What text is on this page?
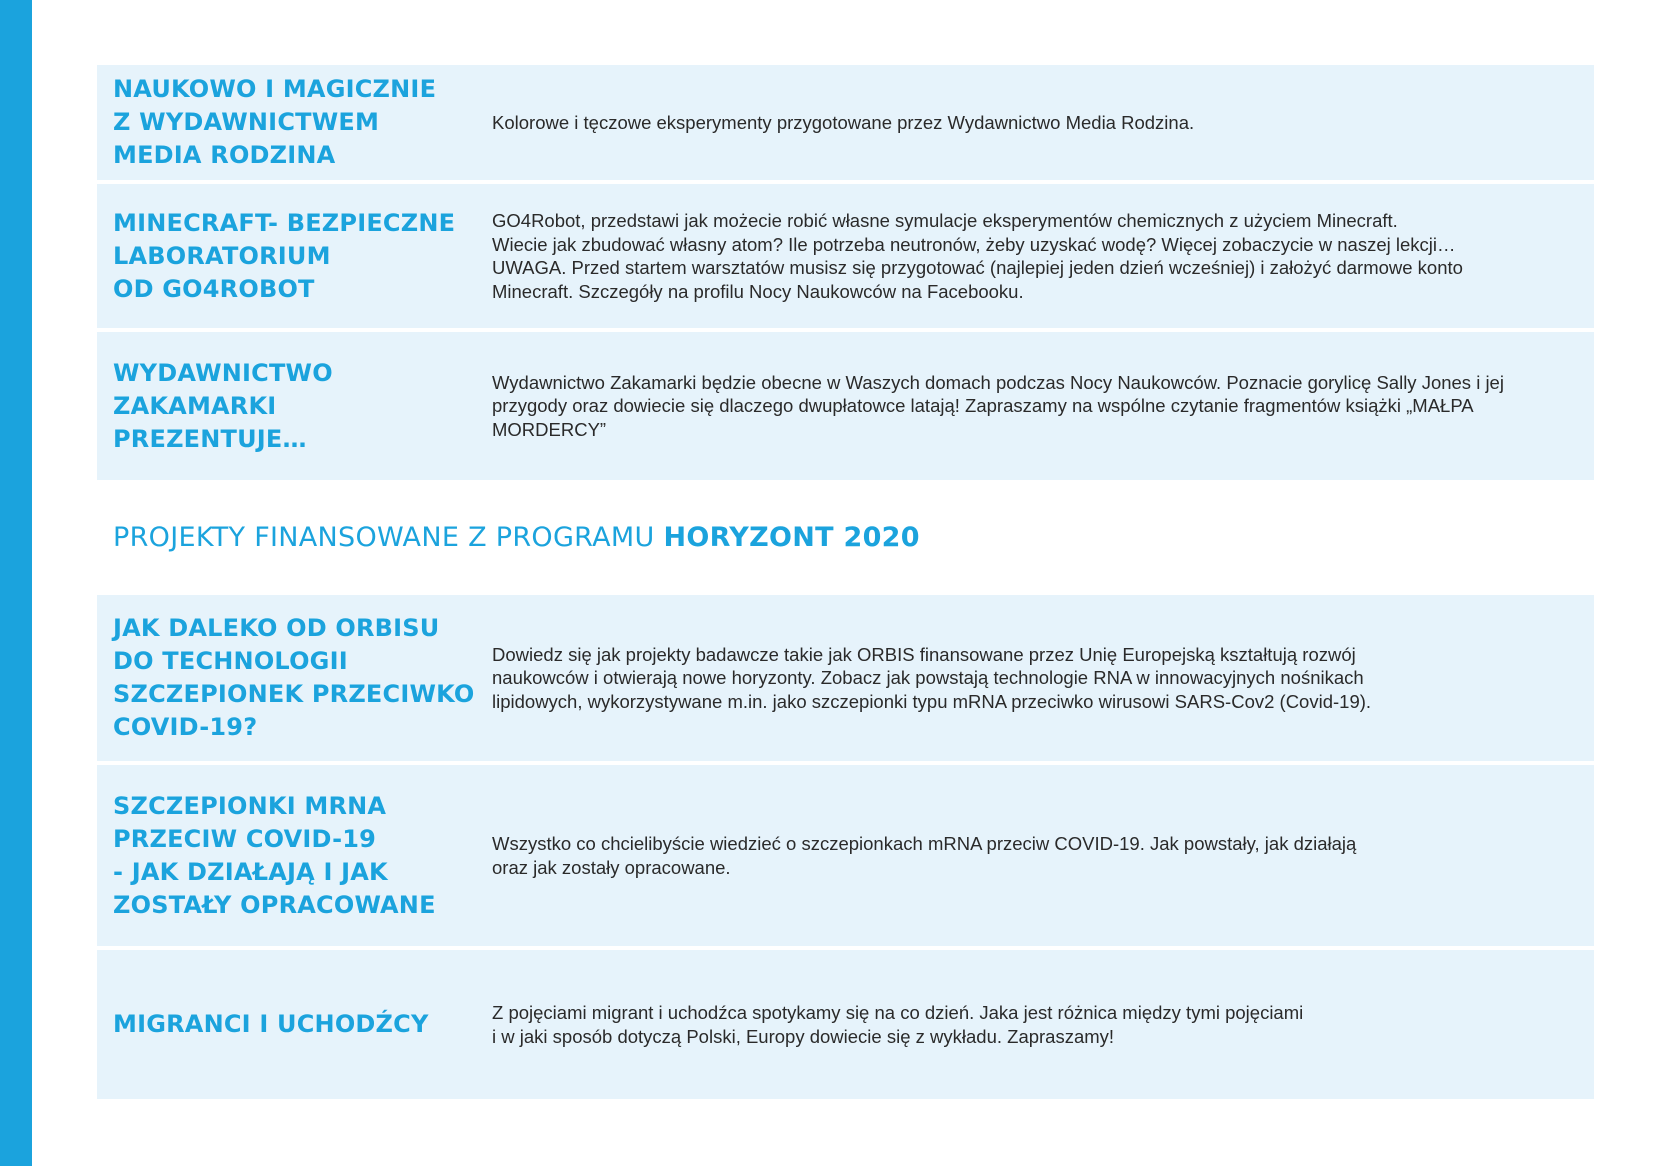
NAUKOWO I MAGICZNIE
Z WYDAWNICTWEM
MEDIA RODZINA
Kolorowe i tęczowe eksperymenty przygotowane przez Wydawnictwo Media Rodzina.
MINECRAFT- BEZPIECZNE
LABORATORIUM
OD GO4ROBOT
GO4Robot, przedstawi jak możecie robić własne symulacje eksperymentów chemicznych z użyciem Minecraft.
Wiecie jak zbudować własny atom? Ile potrzeba neutronów, żeby uzyskać wodę? Więcej zobaczycie w naszej lekcji…
UWAGA. Przed startem warsztatów musisz się przygotować (najlepiej jeden dzień wcześniej) i założyć darmowe konto
Minecraft. Szczegóły na profilu Nocy Naukowców na Facebooku.
WYDAWNICTWO
ZAKAMARKI
PREZENTUJE…
Wydawnictwo Zakamarki będzie obecne w Waszych domach podczas Nocy Naukowców. Poznacie gorylicę Sally Jones i jej
przygody oraz dowiecie się dlaczego dwupłatowce latają! Zapraszamy na wspólne czytanie fragmentów książki „MAŁPA
MORDERCY”
PROJEKTY FINANSOWANE Z PROGRAMU HORYZONT 2020
JAK DALEKO OD ORBISU
DO TECHNOLOGII
SZCZEPIONEK PRZECIWKO
COVID-19?
Dowiedz się jak projekty badawcze takie jak ORBIS finansowane przez Unię Europejską kształtują rozwój
naukowców i otwierają nowe horyzonty. Zobacz jak powstają technologie RNA w innowacyjnych nośnikach
lipidowych, wykorzystywane m.in. jako szczepionki typu mRNA przeciwko wirusowi SARS-Cov2 (Covid-19).
SZCZEPIONKI MRNA
PRZECIW COVID-19
- JAK DZIAŁAJĄ I JAK
ZOSTAŁY OPRACOWANE
Wszystko co chcielibyście wiedzieć o szczepionkach mRNA przeciw COVID-19. Jak powstały, jak działają
oraz jak zostały opracowane.
MIGRANCI I UCHODŹCY	Z pojęciami migrant i uchodźca spotykamy się na co dzień. Jaka jest różnica między tymi pojęciami
i w jaki sposób dotyczą Polski, Europy dowiecie się z wykładu. Zapraszamy!
